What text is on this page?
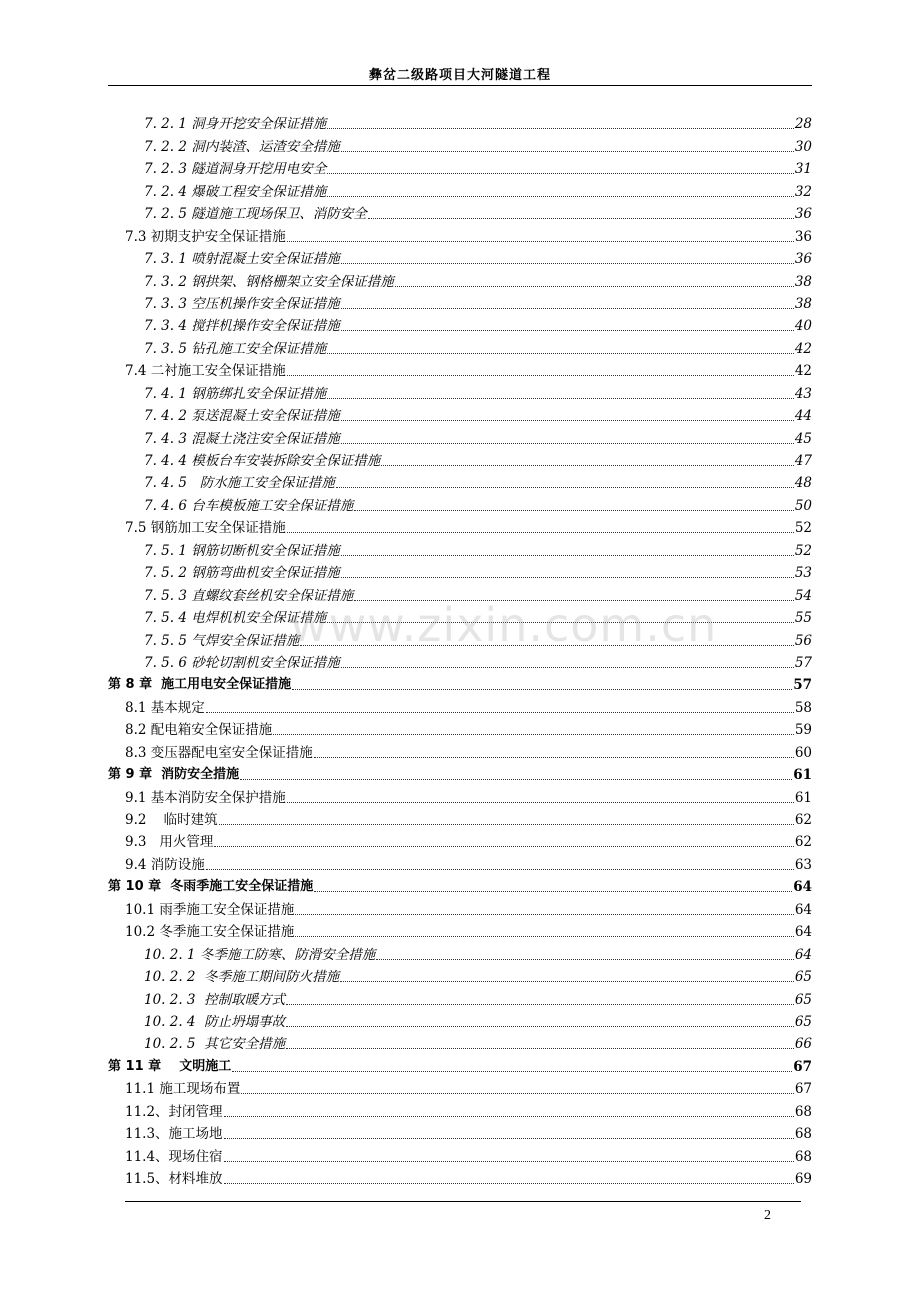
彝岔二级路项目大河隧道工程
7. 2. 1 洞身开挖安全保证措施	28
7. 2. 2 洞内装渣、运渣安全措施	30
7. 2. 3 隧道洞身开挖用电安全	31
7. 2. 4 爆破工程安全保证措施	32
7. 2. 5 隧道施工现场保卫、消防安全	36
7.3 初期支护安全保证措施	36
7. 3. 1 喷射混凝土安全保证措施	36
7. 3. 2 钢拱架、钢格栅架立安全保证措施	38
7. 3. 3 空压机操作安全保证措施	38
7. 3. 4 搅拌机操作安全保证措施	40
7. 3. 5 钻孔施工安全保证措施	42
7.4 二衬施工安全保证措施	42
7. 4. 1 钢筋绑扎安全保证措施	43
7. 4. 2 泵送混凝土安全保证措施	44
7. 4. 3 混凝土浇注安全保证措施	45
7. 4. 4 模板台车安装拆除安全保证措施	47
7. 4. 5   防水施工安全保证措施	48
7. 4. 6 台车模板施工安全保证措施	50
7.5 钢筋加工安全保证措施	52
7. 5. 1 钢筋切断机安全保证措施	52
7. 5. 2 钢筋弯曲机安全保证措施	53
7. 5. 3 直螺纹套丝机安全保证措施	54
7. 5. 4 电焊机机安全保证措施	55
7. 5. 5 气焊安全保证措施	56
7. 5. 6 砂轮切割机安全保证措施	57
第 8 章  施工用电安全保证措施	57
8.1 基本规定	58
8.2 配电箱安全保证措施	59
8.3 变压器配电室安全保证措施	60
第 9 章  消防安全措施	61
9.1 基本消防安全保护措施	61
9.2    临时建筑	62
9.3   用火管理	62
9.4 消防设施	63
第 10 章  冬雨季施工安全保证措施	64
10.1 雨季施工安全保证措施	64
10.2 冬季施工安全保证措施	64
10. 2. 1 冬季施工防寒、防滑安全措施	64
10. 2. 2  冬季施工期间防火措施	65
10. 2. 3  控制取暖方式	65
10. 2. 4  防止坍塌事故	65
10. 2. 5  其它安全措施	66
第 11 章    文明施工	67
11.1 施工现场布置	67
11.2、封闭管理	68
11.3、施工场地	68
11.4、现场住宿	68
11.5、材料堆放	69
www.zixin.com.cn
2
